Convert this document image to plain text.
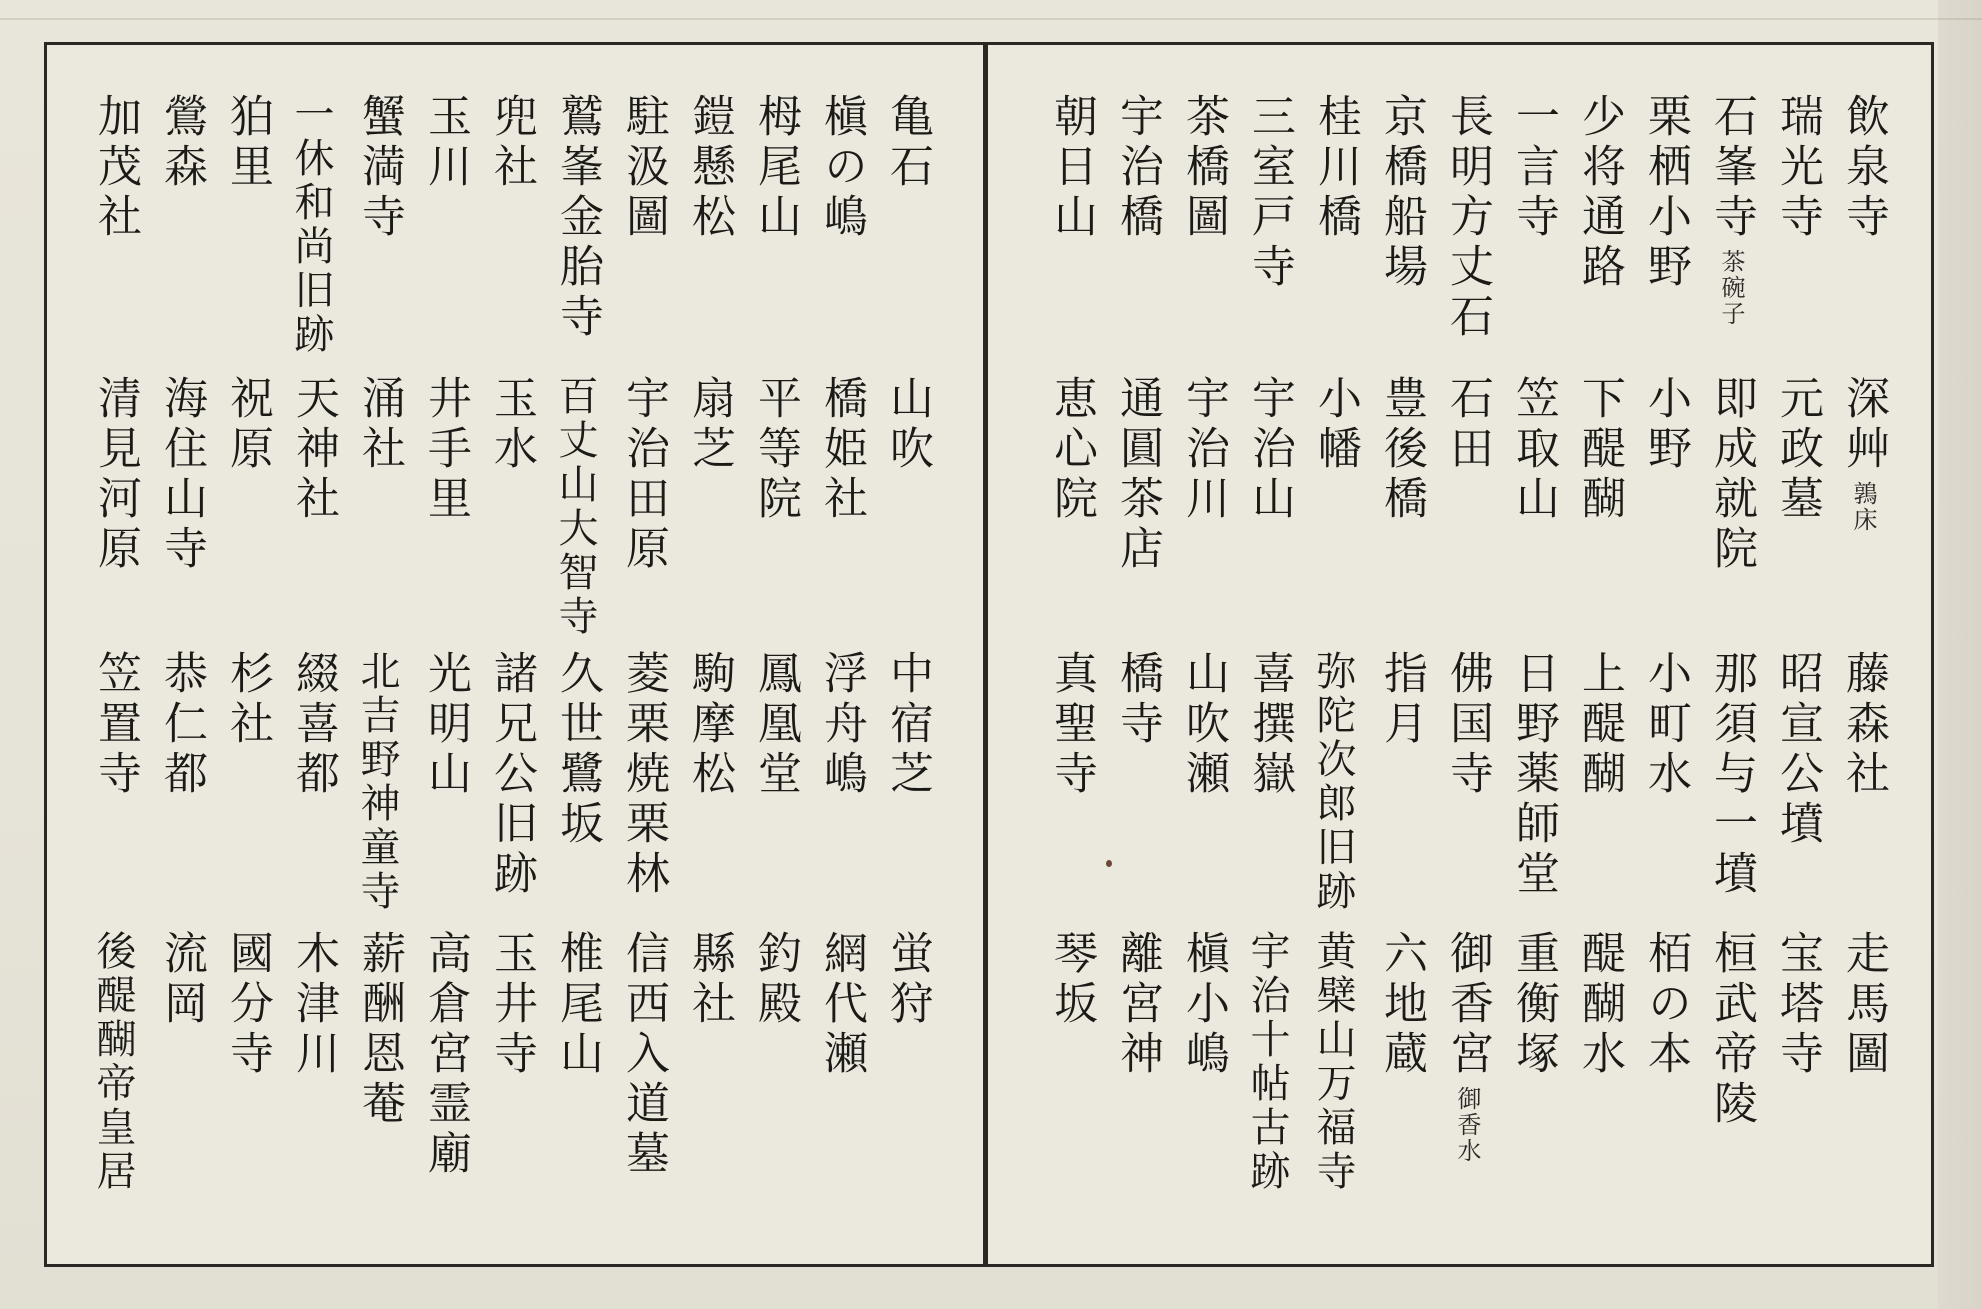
亀石
槇の嶋
栂尾山
鎧懸松
駐汲圖
鷲峯金胎寺
兜社
玉川
蟹満寺
一休和尚旧跡
狛里
鶯森
加茂社
山吹
橋姫社
平等院
扇芝
宇治田原
百丈山大智寺
玉水
井手里
涌社
天神社
祝原
海住山寺
清見河原
中宿芝
浮舟嶋
鳳凰堂
駒摩松
菱栗焼栗林
久世鷺坂
諸兄公旧跡
光明山
北吉野神童寺
綴喜都
杉社
恭仁都
笠置寺
蛍狩
網代瀬
釣殿
縣社
信西入道墓
椎尾山
玉井寺
高倉宮霊廟
薪酬恩菴
木津川
國分寺
流岡
後醍醐帝皇居
飲泉寺
瑞光寺
石峯寺
茶碗子
栗栖小野
少将通路
一言寺
長明方丈石
京橋船場
桂川橋
三室戸寺
茶橋圖
宇治橋
朝日山
深艸
鶉床
元政墓
即成就院
小野
下醍醐
笠取山
石田
豊後橋
小幡
宇治山
宇治川
通圓茶店
恵心院
藤森社
昭宣公墳
那須与一墳
小町水
上醍醐
日野薬師堂
佛国寺
指月
弥陀次郎旧跡
喜撰嶽
山吹瀬
橋寺
真聖寺
走馬圖
宝塔寺
桓武帝陵
栢の本
醍醐水
重衡塚
御香宮
御香水
六地蔵
黄檗山万福寺
宇治十帖古跡
槇小嶋
離宮神
琴坂
